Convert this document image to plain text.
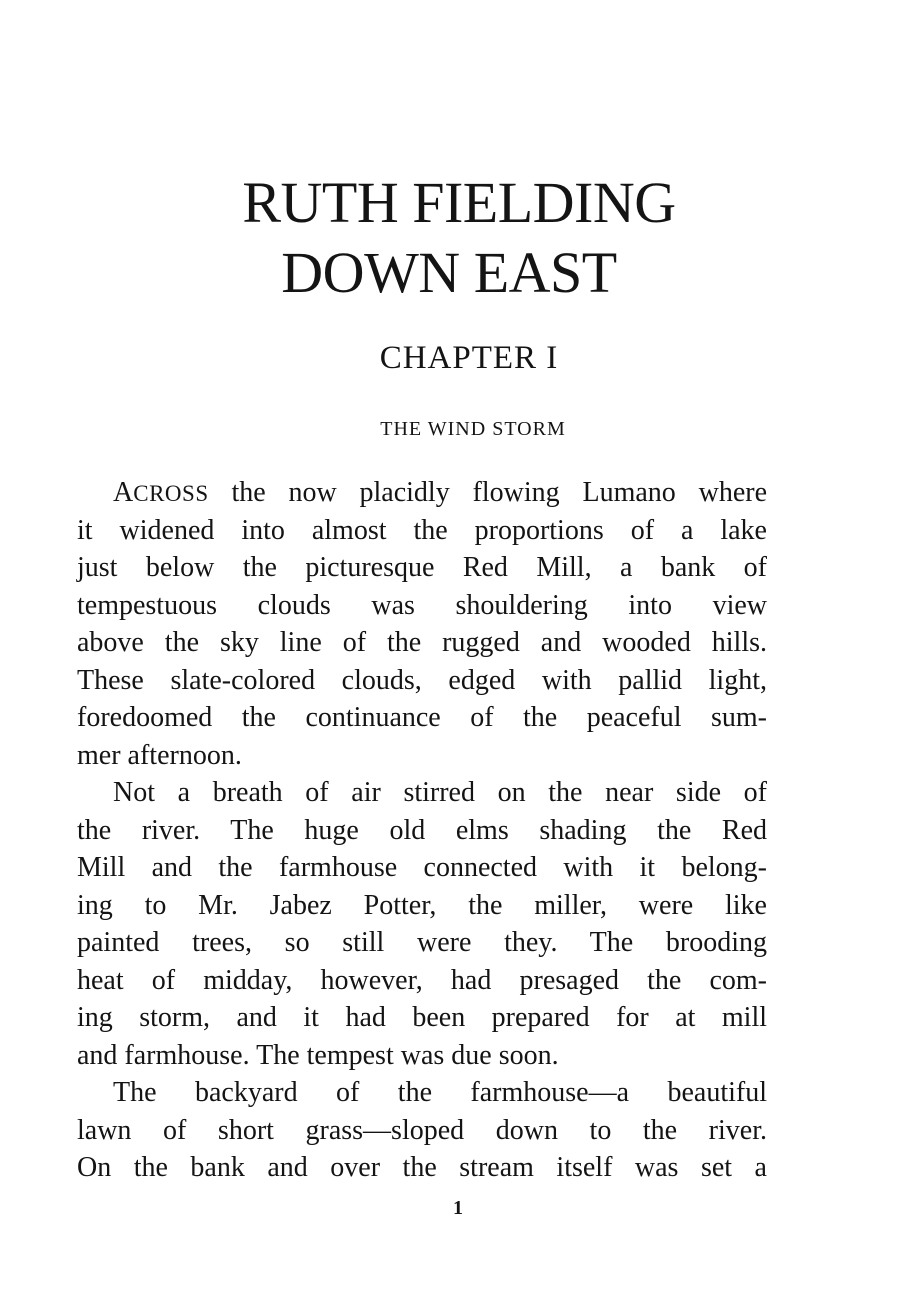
RUTH FIELDING
DOWN EAST
CHAPTER I
THE WIND STORM
ACROSS the now placidly flowing Lumano where
it widened into almost the proportions of a lake
just below the picturesque Red Mill, a bank of
tempestuous clouds was shouldering into view
above the sky line of the rugged and wooded hills.
These slate-colored clouds, edged with pallid light,
foredoomed the continuance of the peaceful sum-
mer afternoon.
Not a breath of air stirred on the near side of
the river. The huge old elms shading the Red
Mill and the farmhouse connected with it belong-
ing to Mr. Jabez Potter, the miller, were like
painted trees, so still were they. The brooding
heat of midday, however, had presaged the com-
ing storm, and it had been prepared for at mill
and farmhouse. The tempest was due soon.
The backyard of the farmhouse—a beautiful
lawn of short grass—sloped down to the river.
On the bank and over the stream itself was set a
1
